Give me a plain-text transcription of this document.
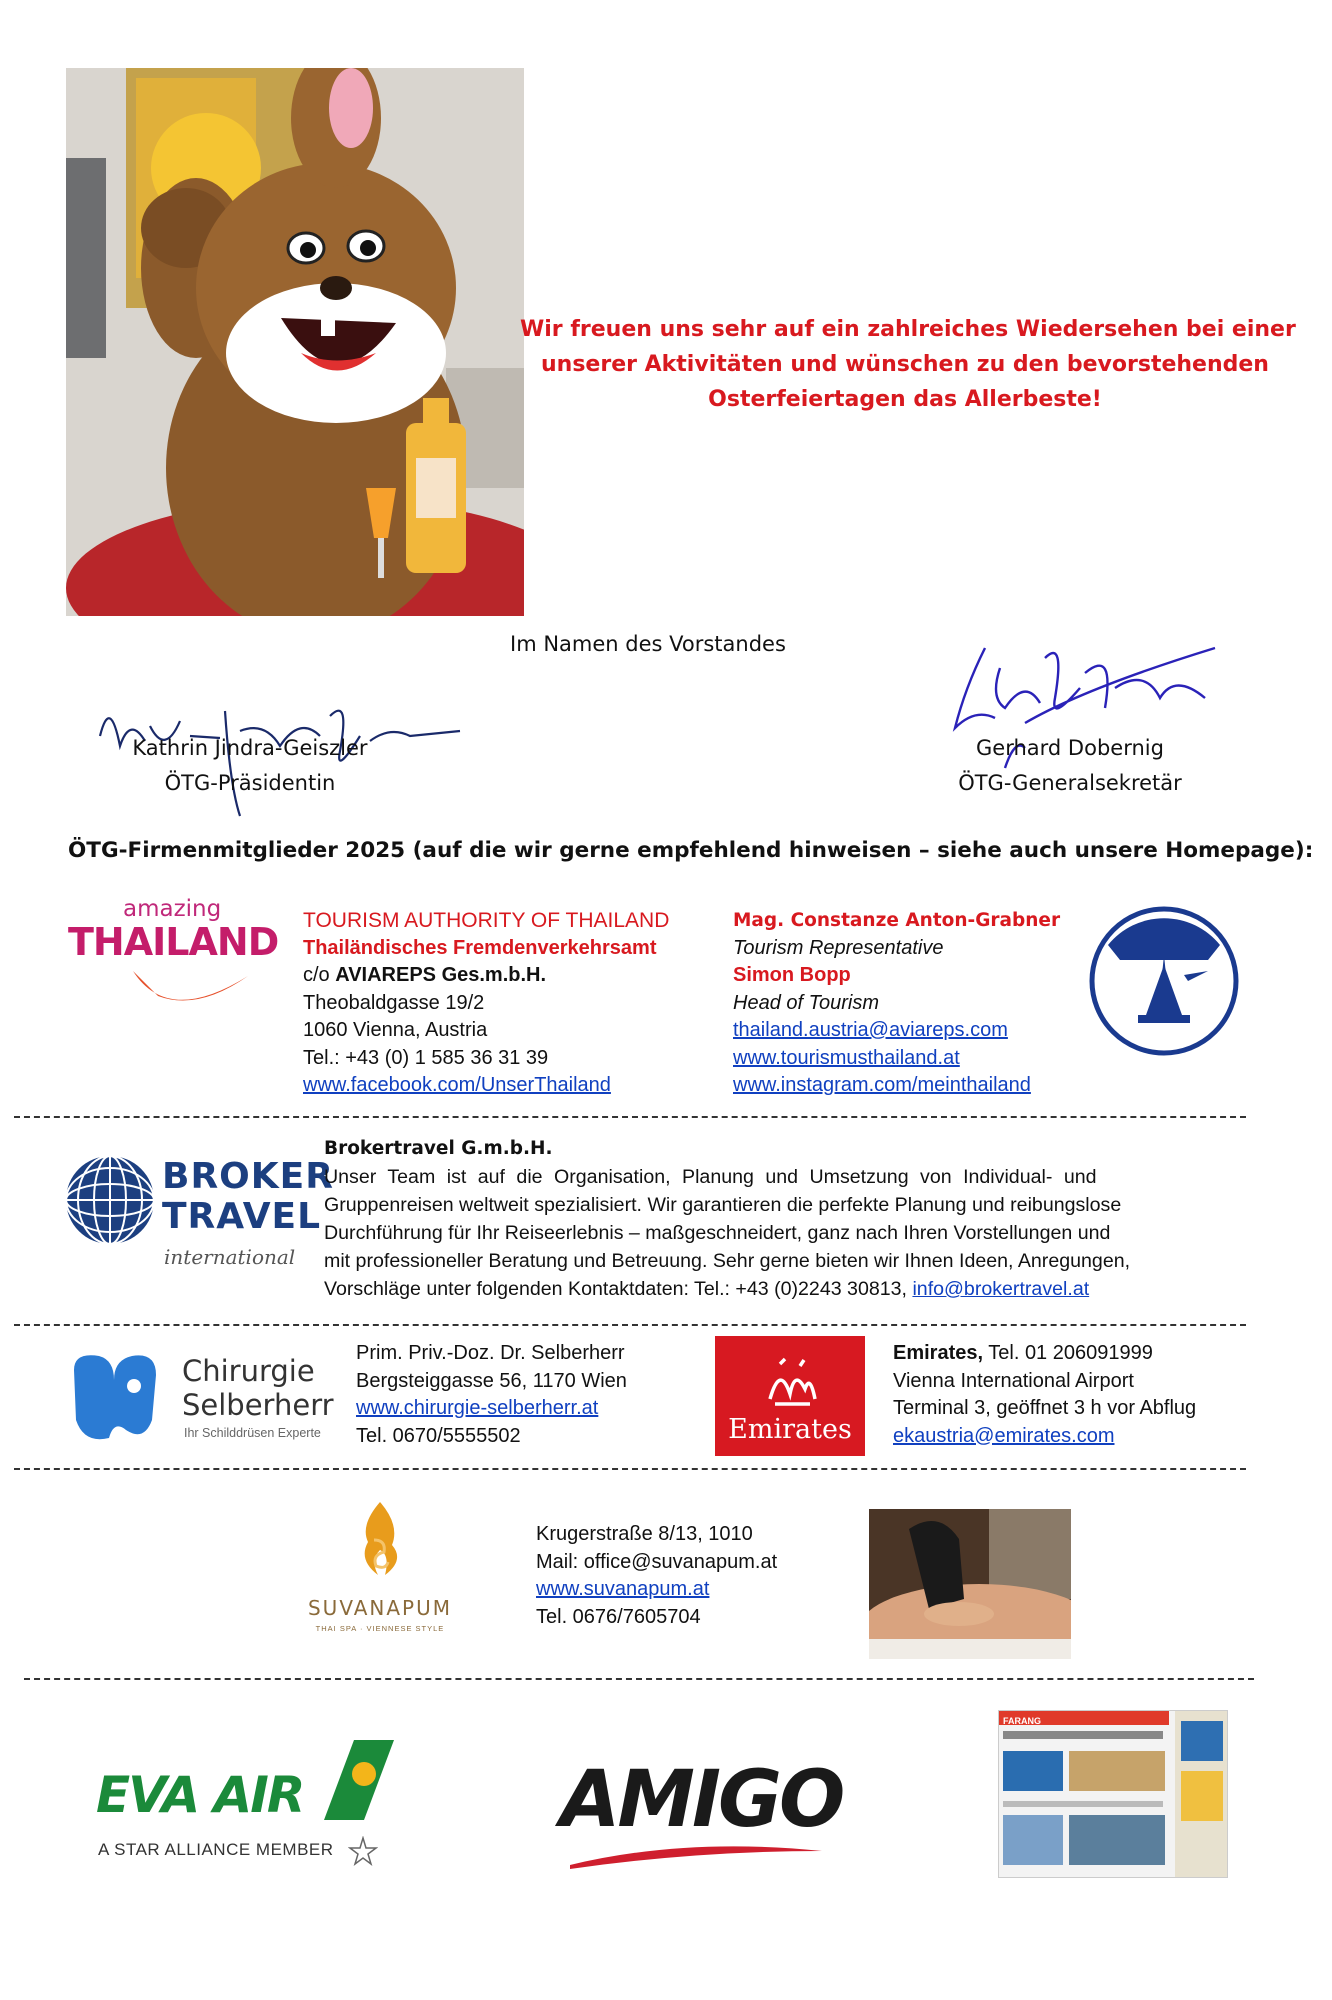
Wir freuen uns sehr auf ein zahlreiches Wiedersehen bei einer
unserer Aktivitäten und wünschen zu den bevorstehenden
Osterfeiertagen das Allerbeste!
Im Namen des Vorstandes
Kathrin Jindra-Geiszler
ÖTG-Präsidentin
Gerhard Dobernig
ÖTG-Generalsekretär
ÖTG-Firmenmitglieder 2025 (auf die wir gerne empfehlend hinweisen – siehe auch unsere Homepage):
amazing
THAILAND TOURISM AUTHORITY OF THAILAND
Thailändisches Fremdenverkehrsamt
c/o AVIAREPS Ges.m.b.H.
Theobaldgasse 19/2
1060 Vienna, Austria
Tel.: +43 (0) 1 585 36 31 39
www.facebook.com/UnserThailand
Mag. Constanze Anton-Grabner
Tourism Representative
Simon Bopp
Head of Tourism
thailand.austria@aviareps.com
www.tourismusthailand.at
www.instagram.com/meinthailand
BROKER
TRAVEL
international
Brokertravel G.m.b.H.
Unser Team ist auf die Organisation, Planung und Umsetzung von Individual- und
Gruppenreisen weltweit spezialisiert. Wir garantieren die perfekte Planung und reibungslose
Durchführung für Ihr Reiseerlebnis – maßgeschneidert, ganz nach Ihren Vorstellungen und
mit professioneller Beratung und Betreuung. Sehr gerne bieten wir Ihnen Ideen, Anregungen,
Vorschläge unter folgenden Kontaktdaten: Tel.: +43 (0)2243 30813, info@brokertravel.at
Chirurgie
Selberherr
Ihr Schilddrüsen Experte
Prim. Priv.-Doz. Dr. Selberherr
Bergsteiggasse 56, 1170 Wien
www.chirurgie-selberherr.at
Tel. 0670/5555502	Emirates
Emirates, Tel. 01 206091999
Vienna International Airport
Terminal 3, geöffnet 3 h vor Abflug
ekaustria@emirates.com
SUVANAPUM
THAI SPA · VIENNESE STYLE
Krugerstraße 8/13, 1010
Mail: office@suvanapum.at
www.suvanapum.at
Tel. 0676/7605704
EVA AIR
A STAR ALLIANCE MEMBER
AMIGO
FARANG
